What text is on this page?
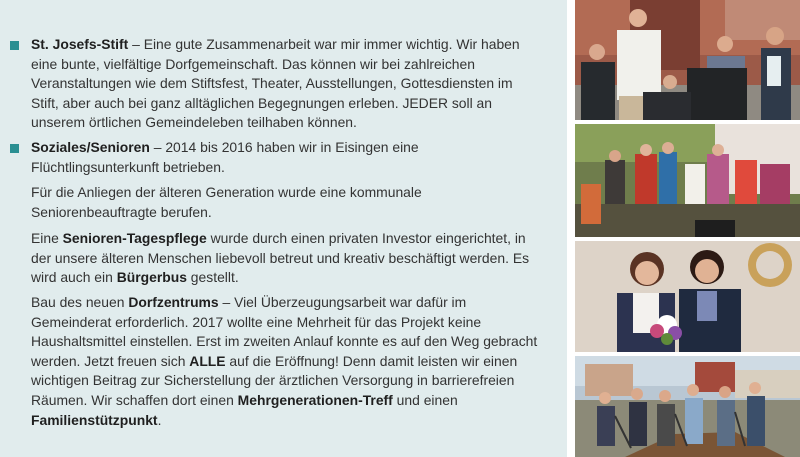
St. Josefs-Stift – Eine gute Zusammenarbeit war mir immer wichtig. Wir haben eine bunte, vielfältige Dorfgemeinschaft. Das können wir bei zahlreichen Veranstaltungen wie dem Stiftsfest, Theater, Ausstellungen, Gottesdiensten im Stift, aber auch bei ganz alltäglichen Begegnungen erleben. JEDER soll an unserem örtlichen Gemeindeleben teilhaben können.

Soziales/Senioren – 2014 bis 2016 haben wir in Eisingen eine Flüchtlingsunterkunft betrieben.

Für die Anliegen der älteren Generation wurde eine kommunale Seniorenbeauftragte berufen.

Eine Senioren-Tagespflege wurde durch einen privaten Investor eingerichtet, in der unsere älteren Menschen liebevoll betreut und kreativ beschäftigt werden. Es wird auch ein Bürgerbus gestellt.

Bau des neuen Dorfzentrums – Viel Überzeugungsarbeit war dafür im Gemeinderat erforderlich. 2017 wollte eine Mehrheit für das Projekt keine Haushaltsmittel einstellen. Erst im zweiten Anlauf konnte es auf den Weg gebracht werden. Jetzt freuen sich ALLE auf die Eröffnung! Denn damit leisten wir einen wichtigen Beitrag zur Sicherstellung der ärztlichen Versorgung in barrierefreien Räumen. Wir schaffen dort einen Mehrgenerationen-Treff und einen Familienstützpunkt.
